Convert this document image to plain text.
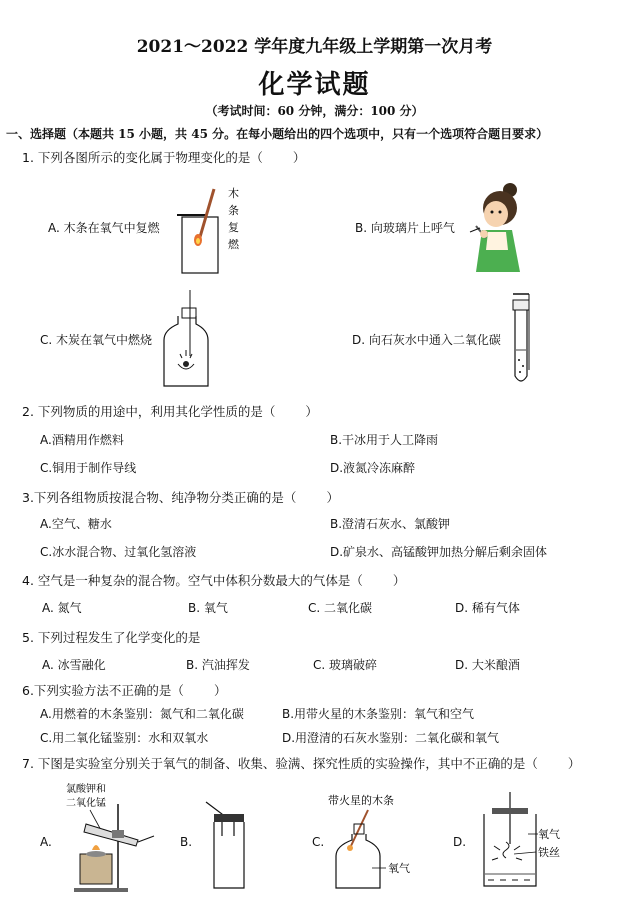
2021～2022 学年度九年级上学期第一次月考
化学试题
（考试时间：60 分钟，满分：100 分）
一、选择题（本题共 15 小题，共 45 分。在每小题给出的四个选项中，只有一个选项符合题目要求）
1. 下列各图所示的变化属于物理变化的是（ ）
A. 木条在氧气中复燃	B. 向玻璃片上呼气
C. 木炭在氧气中燃烧	D. 向石灰水中通入二氧化碳
木
条
复
燃
2. 下列物质的用途中，利用其化学性质的是（ ）
A.酒精用作燃料	B.干冰用于人工降雨
C.铜用于制作导线	D.液氮冷冻麻醉
3.下列各组物质按混合物、纯净物分类正确的是（ ）
A.空气、糖水	B.澄清石灰水、氯酸钾
C.冰水混合物、过氧化氢溶液	D.矿泉水、高锰酸钾加热分解后剩余固体
4. 空气是一种复杂的混合物。空气中体积分数最大的气体是（ ）
A. 氮气	B. 氧气	C. 二氧化碳	D. 稀有气体
5. 下列过程发生了化学变化的是
A. 冰雪融化	B. 汽油挥发	C. 玻璃破碎	D. 大米酿酒
6.下列实验方法不正确的是（ ）
A.用燃着的木条鉴别：氮气和二氧化碳	B.用带火星的木条鉴别：氧气和空气
C.用二氧化锰鉴别：水和双氧水	D.用澄清的石灰水鉴别：二氧化碳和氧气
7. 下图是实验室分别关于氧气的制备、收集、验满、探究性质的实验操作，其中不正确的是（ ）
A.	B.	C.	D.
氯酸钾和
二氧化锰	带火星的木条
氧气
氧气
铁丝
